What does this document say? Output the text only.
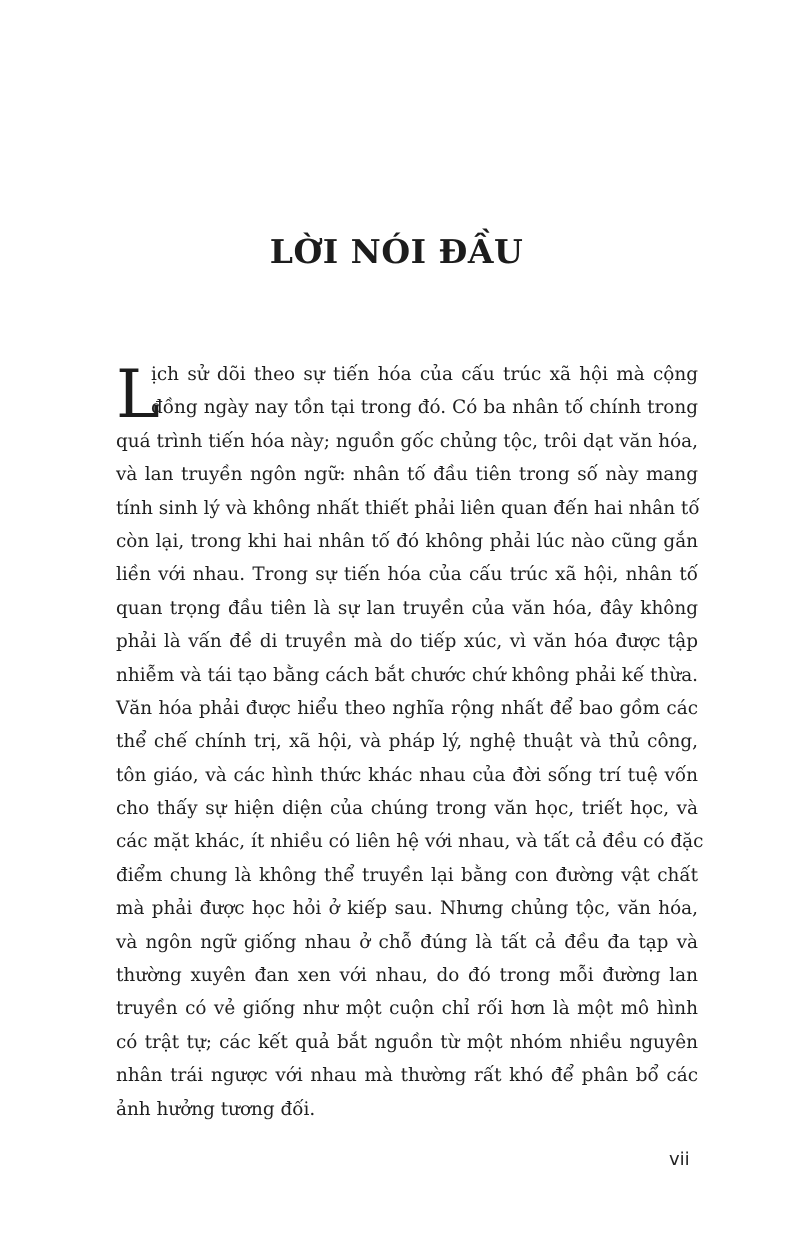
LỜI NÓI ĐẦU
L
ịch sử dõi theo sự tiến hóa của cấu trúc xã hội mà cộng
đồng ngày nay tồn tại trong đó. Có ba nhân tố chính trong
quá trình tiến hóa này; nguồn gốc chủng tộc, trôi dạt văn hóa,
và lan truyền ngôn ngữ: nhân tố đầu tiên trong số này mang
tính sinh lý và không nhất thiết phải liên quan đến hai nhân tố
còn lại, trong khi hai nhân tố đó không phải lúc nào cũng gắn
liền với nhau. Trong sự tiến hóa của cấu trúc xã hội, nhân tố
quan trọng đầu tiên là sự lan truyền của văn hóa, đây không
phải là vấn đề di truyền mà do tiếp xúc, vì văn hóa được tập
nhiễm và tái tạo bằng cách bắt chước chứ không phải kế thừa.
Văn hóa phải được hiểu theo nghĩa rộng nhất để bao gồm các
thể chế chính trị, xã hội, và pháp lý, nghệ thuật và thủ công,
tôn giáo, và các hình thức khác nhau của đời sống trí tuệ vốn
cho thấy sự hiện diện của chúng trong văn học, triết học, và
các mặt khác, ít nhiều có liên hệ với nhau, và tất cả đều có đặc
điểm chung là không thể truyền lại bằng con đường vật chất
mà phải được học hỏi ở kiếp sau. Nhưng chủng tộc, văn hóa,
và ngôn ngữ giống nhau ở chỗ đúng là tất cả đều đa tạp và
thường xuyên đan xen với nhau, do đó trong mỗi đường lan
truyền có vẻ giống như một cuộn chỉ rối hơn là một mô hình
có trật tự; các kết quả bắt nguồn từ một nhóm nhiều nguyên
nhân trái ngược với nhau mà thường rất khó để phân bổ các
ảnh hưởng tương đối.
vii
